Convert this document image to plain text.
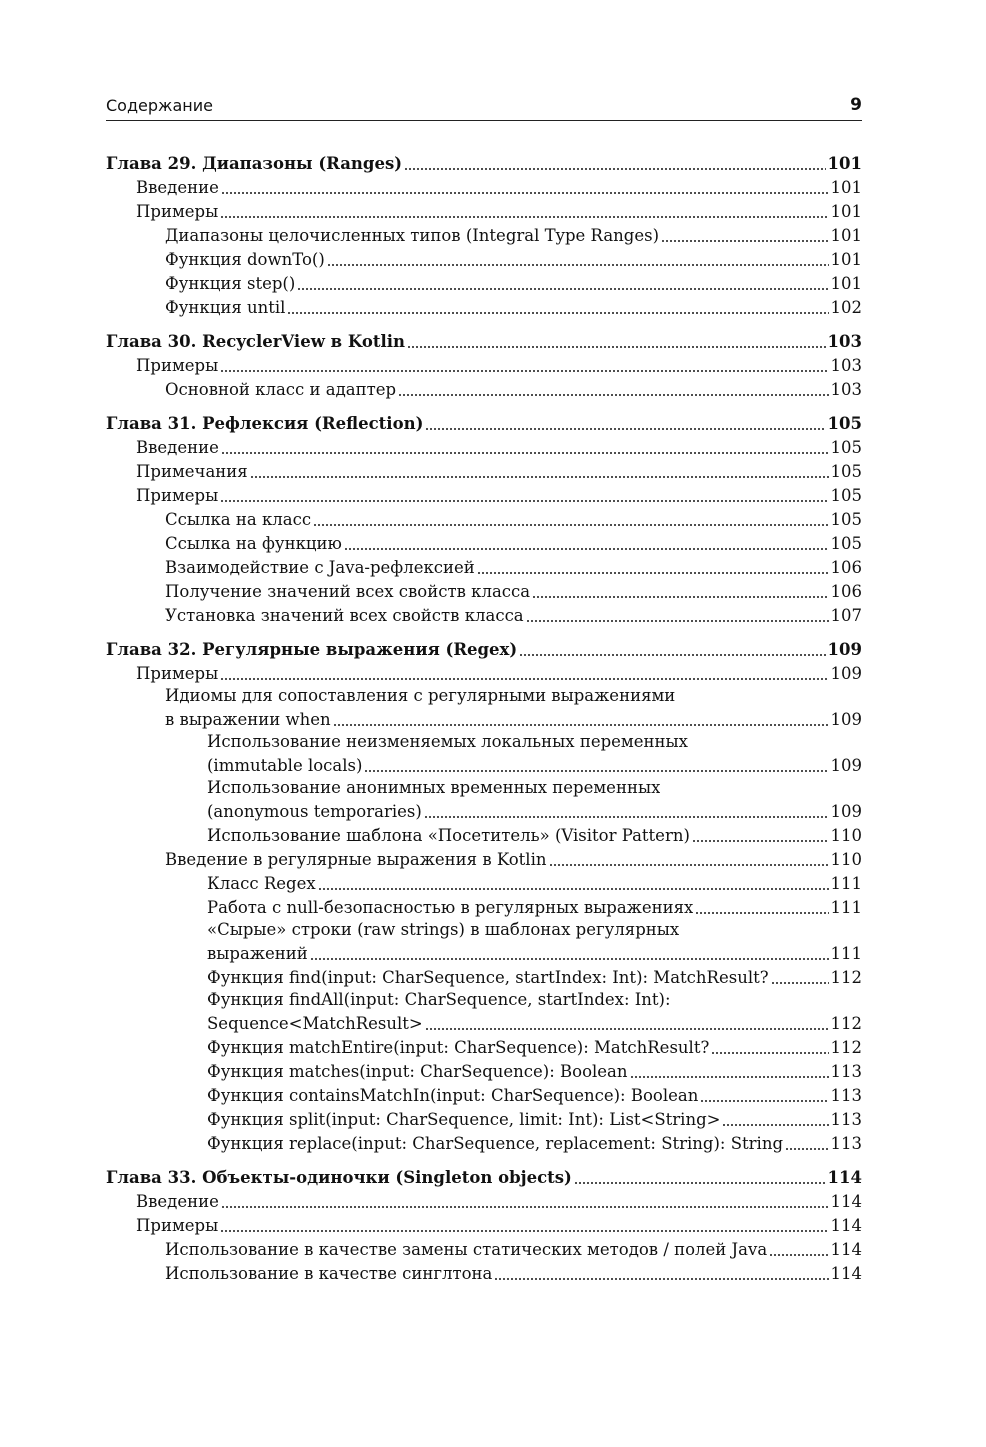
Содержание	9
Глава 29. Диапазоны (Ranges)	101
Введение	101
Примеры	101
Диапазоны целочисленных типов (Integral Type Ranges)	101
Функция downTo()	101
Функция step()	101
Функция until	102
Глава 30. RecyclerView в Kotlin	103
Примеры	103
Основной класс и адаптер	103
Глава 31. Рефлексия (Reflection)	105
Введение	105
Примечания	105
Примеры	105
Ссылка на класс	105
Ссылка на функцию	105
Взаимодействие с Java-рефлексией	106
Получение значений всех свойств класса	106
Установка значений всех свойств класса	107
Глава 32. Регулярные выражения (Regex)	109
Примеры	109
Идиомы для сопоставления с регулярными выражениями
в выражении when	109
Использование неизменяемых локальных переменных
(immutable locals)	109
Использование анонимных временных переменных
(anonymous temporaries)	109
Использование шаблона «Посетитель» (Visitor Pattern)	110
Введение в регулярные выражения в Kotlin	110
Класс Regex	111
Работа с null-безопасностью в регулярных выражениях	111
«Сырые» строки (raw strings) в шаблонах регулярных
выражений	111
Функция find(input: CharSequence, startIndex: Int): MatchResult?	112
Функция findAll(input: CharSequence, startIndex: Int):
Sequence<MatchResult>	112
Функция matchEntire(input: CharSequence): MatchResult?	112
Функция matches(input: CharSequence): Boolean	113
Функция containsMatchIn(input: CharSequence): Boolean	113
Функция split(input: CharSequence, limit: Int): List<String>	113
Функция replace(input: CharSequence, replacement: String): String	113
Глава 33. Объекты-одиночки (Singleton objects)	114
Введение	114
Примеры	114
Использование в качестве замены статических методов / полей Java	114
Использование в качестве синглтона	114
